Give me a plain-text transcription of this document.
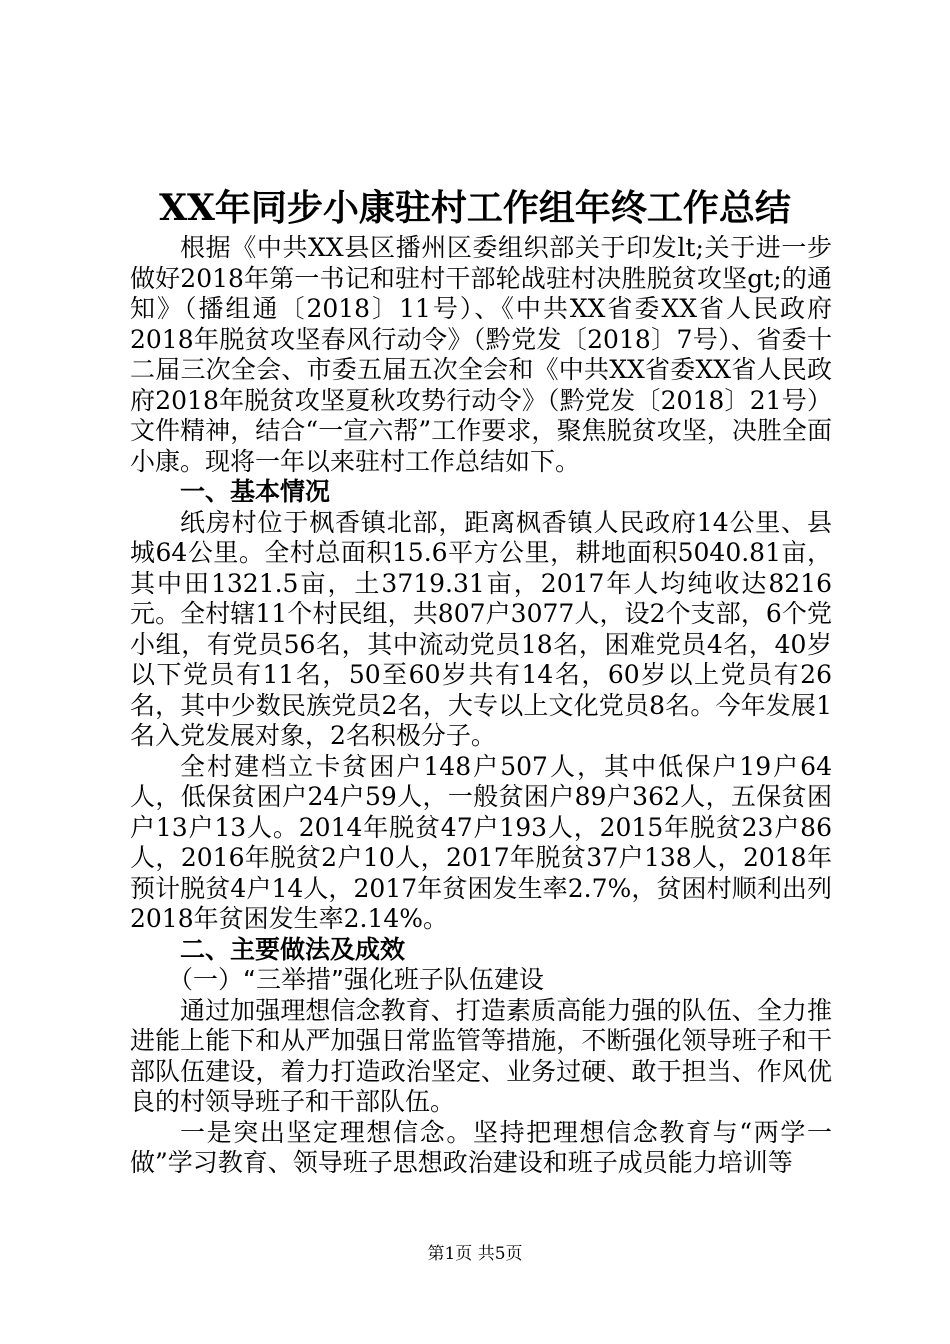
XX年同步小康驻村工作组年终工作总结

根据《中共XX县区播州区委组织部关于印发lt;关于进一步做好2018年第一书记和驻村干部轮战驻村决胜脱贫攻坚gt;的通知》（播组通〔2018〕11号）、《中共XX省委XX省人民政府2018年脱贫攻坚春风行动令》（黔党发〔2018〕7号）、省委十二届三次全会、市委五届五次全会和《中共XX省委XX省人民政府2018年脱贫攻坚夏秋攻势行动令》（黔党发〔2018〕21号）文件精神，结合“一宣六帮”工作要求，聚焦脱贫攻坚，决胜全面小康。现将一年以来驻村工作总结如下。

一、基本情况

纸房村位于枫香镇北部，距离枫香镇人民政府14公里、县城64公里。全村总面积15.6平方公里，耕地面积5040.81亩，其中田1321.5亩，土3719.31亩，2017年人均纯收达8216元。全村辖11个村民组，共807户3077人，设2个支部，6个党小组，有党员56名，其中流动党员18名，困难党员4名，40岁以下党员有11名，50至60岁共有14名，60岁以上党员有26名，其中少数民族党员2名，大专以上文化党员8名。今年发展1名入党发展对象，2名积极分子。

全村建档立卡贫困户148户507人，其中低保户19户64人，低保贫困户24户59人，一般贫困户89户362人，五保贫困户13户13人。2014年脱贫47户193人，2015年脱贫23户86人，2016年脱贫2户10人，2017年脱贫37户138人，2018年预计脱贫4户14人，2017年贫困发生率2.7%，贫困村顺利出列2018年贫困发生率2.14%。

二、主要做法及成效

（一）“三举措”强化班子队伍建设

通过加强理想信念教育、打造素质高能力强的队伍、全力推进能上能下和从严加强日常监管等措施，不断强化领导班子和干部队伍建设，着力打造政治坚定、业务过硬、敢于担当、作风优良的村领导班子和干部队伍。

一是突出坚定理想信念。坚持把理想信念教育与“两学一做”学习教育、领导班子思想政治建设和班子成员能力培训等

第1页 共5页
